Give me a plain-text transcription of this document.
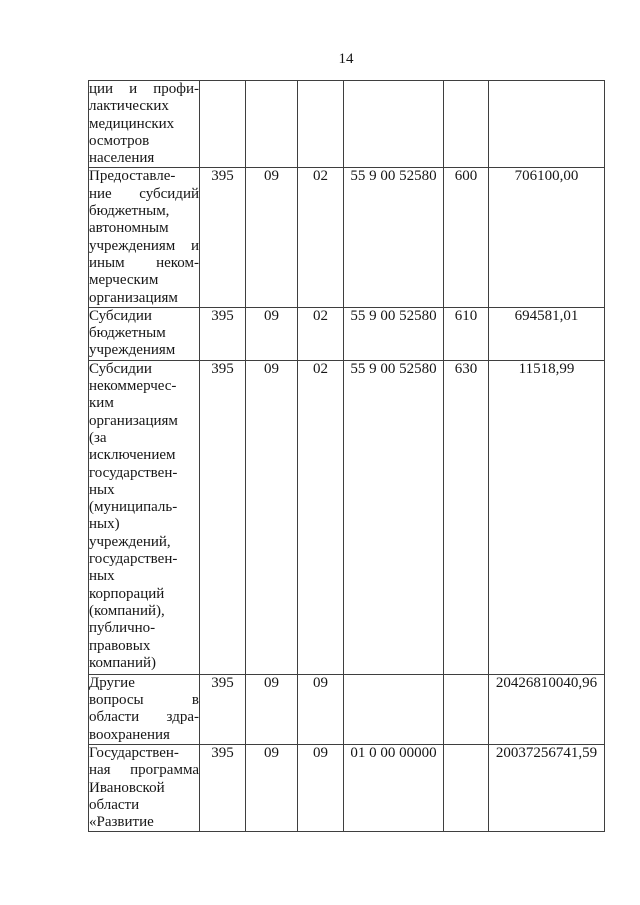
14
ции и профи-
лактических
медицинских
осмотров
населения						

Предоставле-
ние субсидий
бюджетным,
автономным
учреждениям и
иным неком-
мерческим
организациям
	395	09	02	55 9 00 52580	600	706100,00

Субсидии
бюджетным
учреждениям	395	09	02	55 9 00 52580	610	694581,01

Субсидии
некоммерчес-
ким
организациям
(за
исключением
государствен-
ных
(муниципаль-
ных)
учреждений,
государствен-
ных
корпораций
(компаний),
публично-
правовых
компаний)
	395	09	02	55 9 00 52580	630	11518,99

Другие
вопросы в
области здра-
воохранения	395	09	09			20426810040,96

Государствен-
ная программа
Ивановской
области
«Развитие	395	09	09	01 0 00 00000		20037256741,59
